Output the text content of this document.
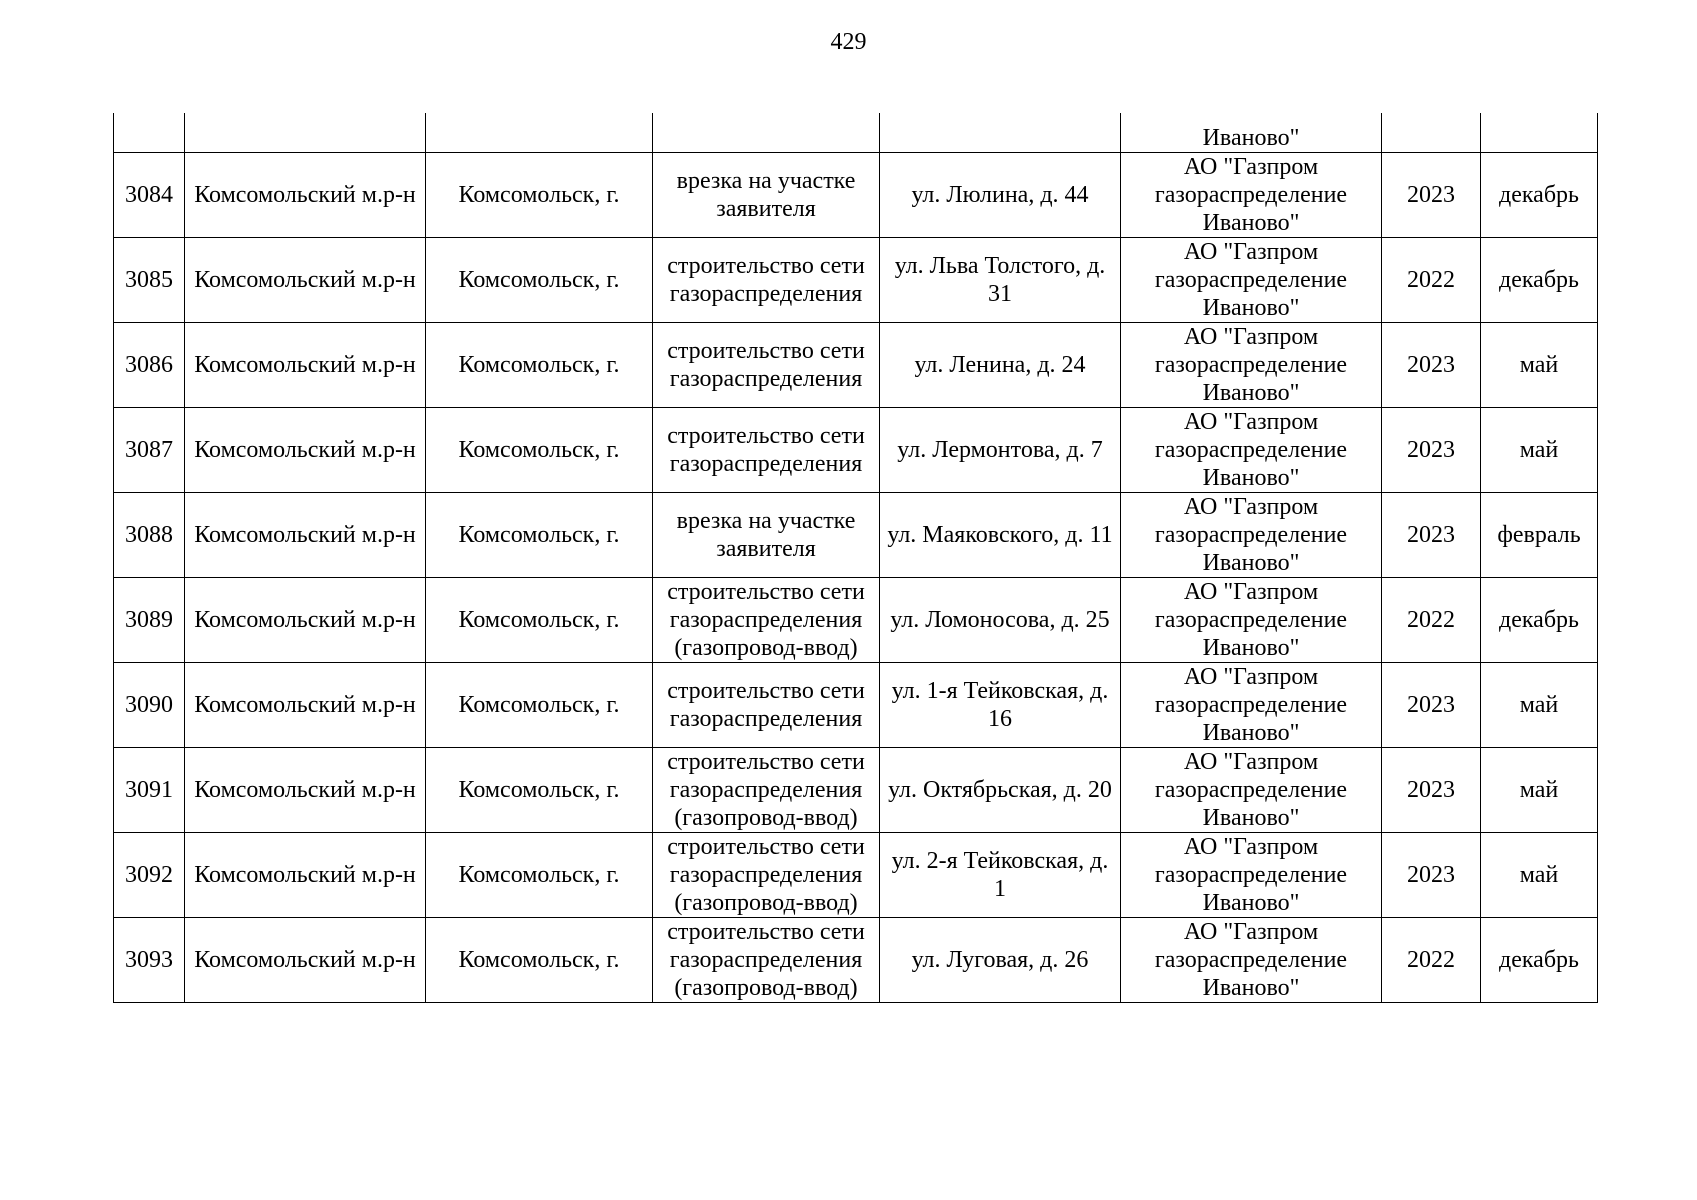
429
					Иваново"		
3084	Комсомольский м.р-н	Комсомольск, г.	врезка на участке заявителя	ул. Люлина, д. 44	АО "Газпром газораспределение Иваново"	2023	декабрь
3085	Комсомольский м.р-н	Комсомольск, г.	строительство сети газораспределения	ул. Льва Толстого, д. 31	АО "Газпром газораспределение Иваново"	2022	декабрь
3086	Комсомольский м.р-н	Комсомольск, г.	строительство сети газораспределения	ул. Ленина, д. 24	АО "Газпром газораспределение Иваново"	2023	май
3087	Комсомольский м.р-н	Комсомольск, г.	строительство сети газораспределения	ул. Лермонтова, д. 7	АО "Газпром газораспределение Иваново"	2023	май
3088	Комсомольский м.р-н	Комсомольск, г.	врезка на участке заявителя	ул. Маяковского, д. 11	АО "Газпром газораспределение Иваново"	2023	февраль
3089	Комсомольский м.р-н	Комсомольск, г.	строительство сети газораспределения (газопровод-ввод)	ул. Ломоносова, д. 25	АО "Газпром газораспределение Иваново"	2022	декабрь
3090	Комсомольский м.р-н	Комсомольск, г.	строительство сети газораспределения	ул. 1-я Тейковская, д. 16	АО "Газпром газораспределение Иваново"	2023	май
3091	Комсомольский м.р-н	Комсомольск, г.	строительство сети газораспределения (газопровод-ввод)	ул. Октябрьская, д. 20	АО "Газпром газораспределение Иваново"	2023	май
3092	Комсомольский м.р-н	Комсомольск, г.	строительство сети газораспределения (газопровод-ввод)	ул. 2-я Тейковская, д. 1	АО "Газпром газораспределение Иваново"	2023	май
3093	Комсомольский м.р-н	Комсомольск, г.	строительство сети газораспределения (газопровод-ввод)	ул. Луговая, д. 26	АО "Газпром газораспределение Иваново"	2022	декабрь
